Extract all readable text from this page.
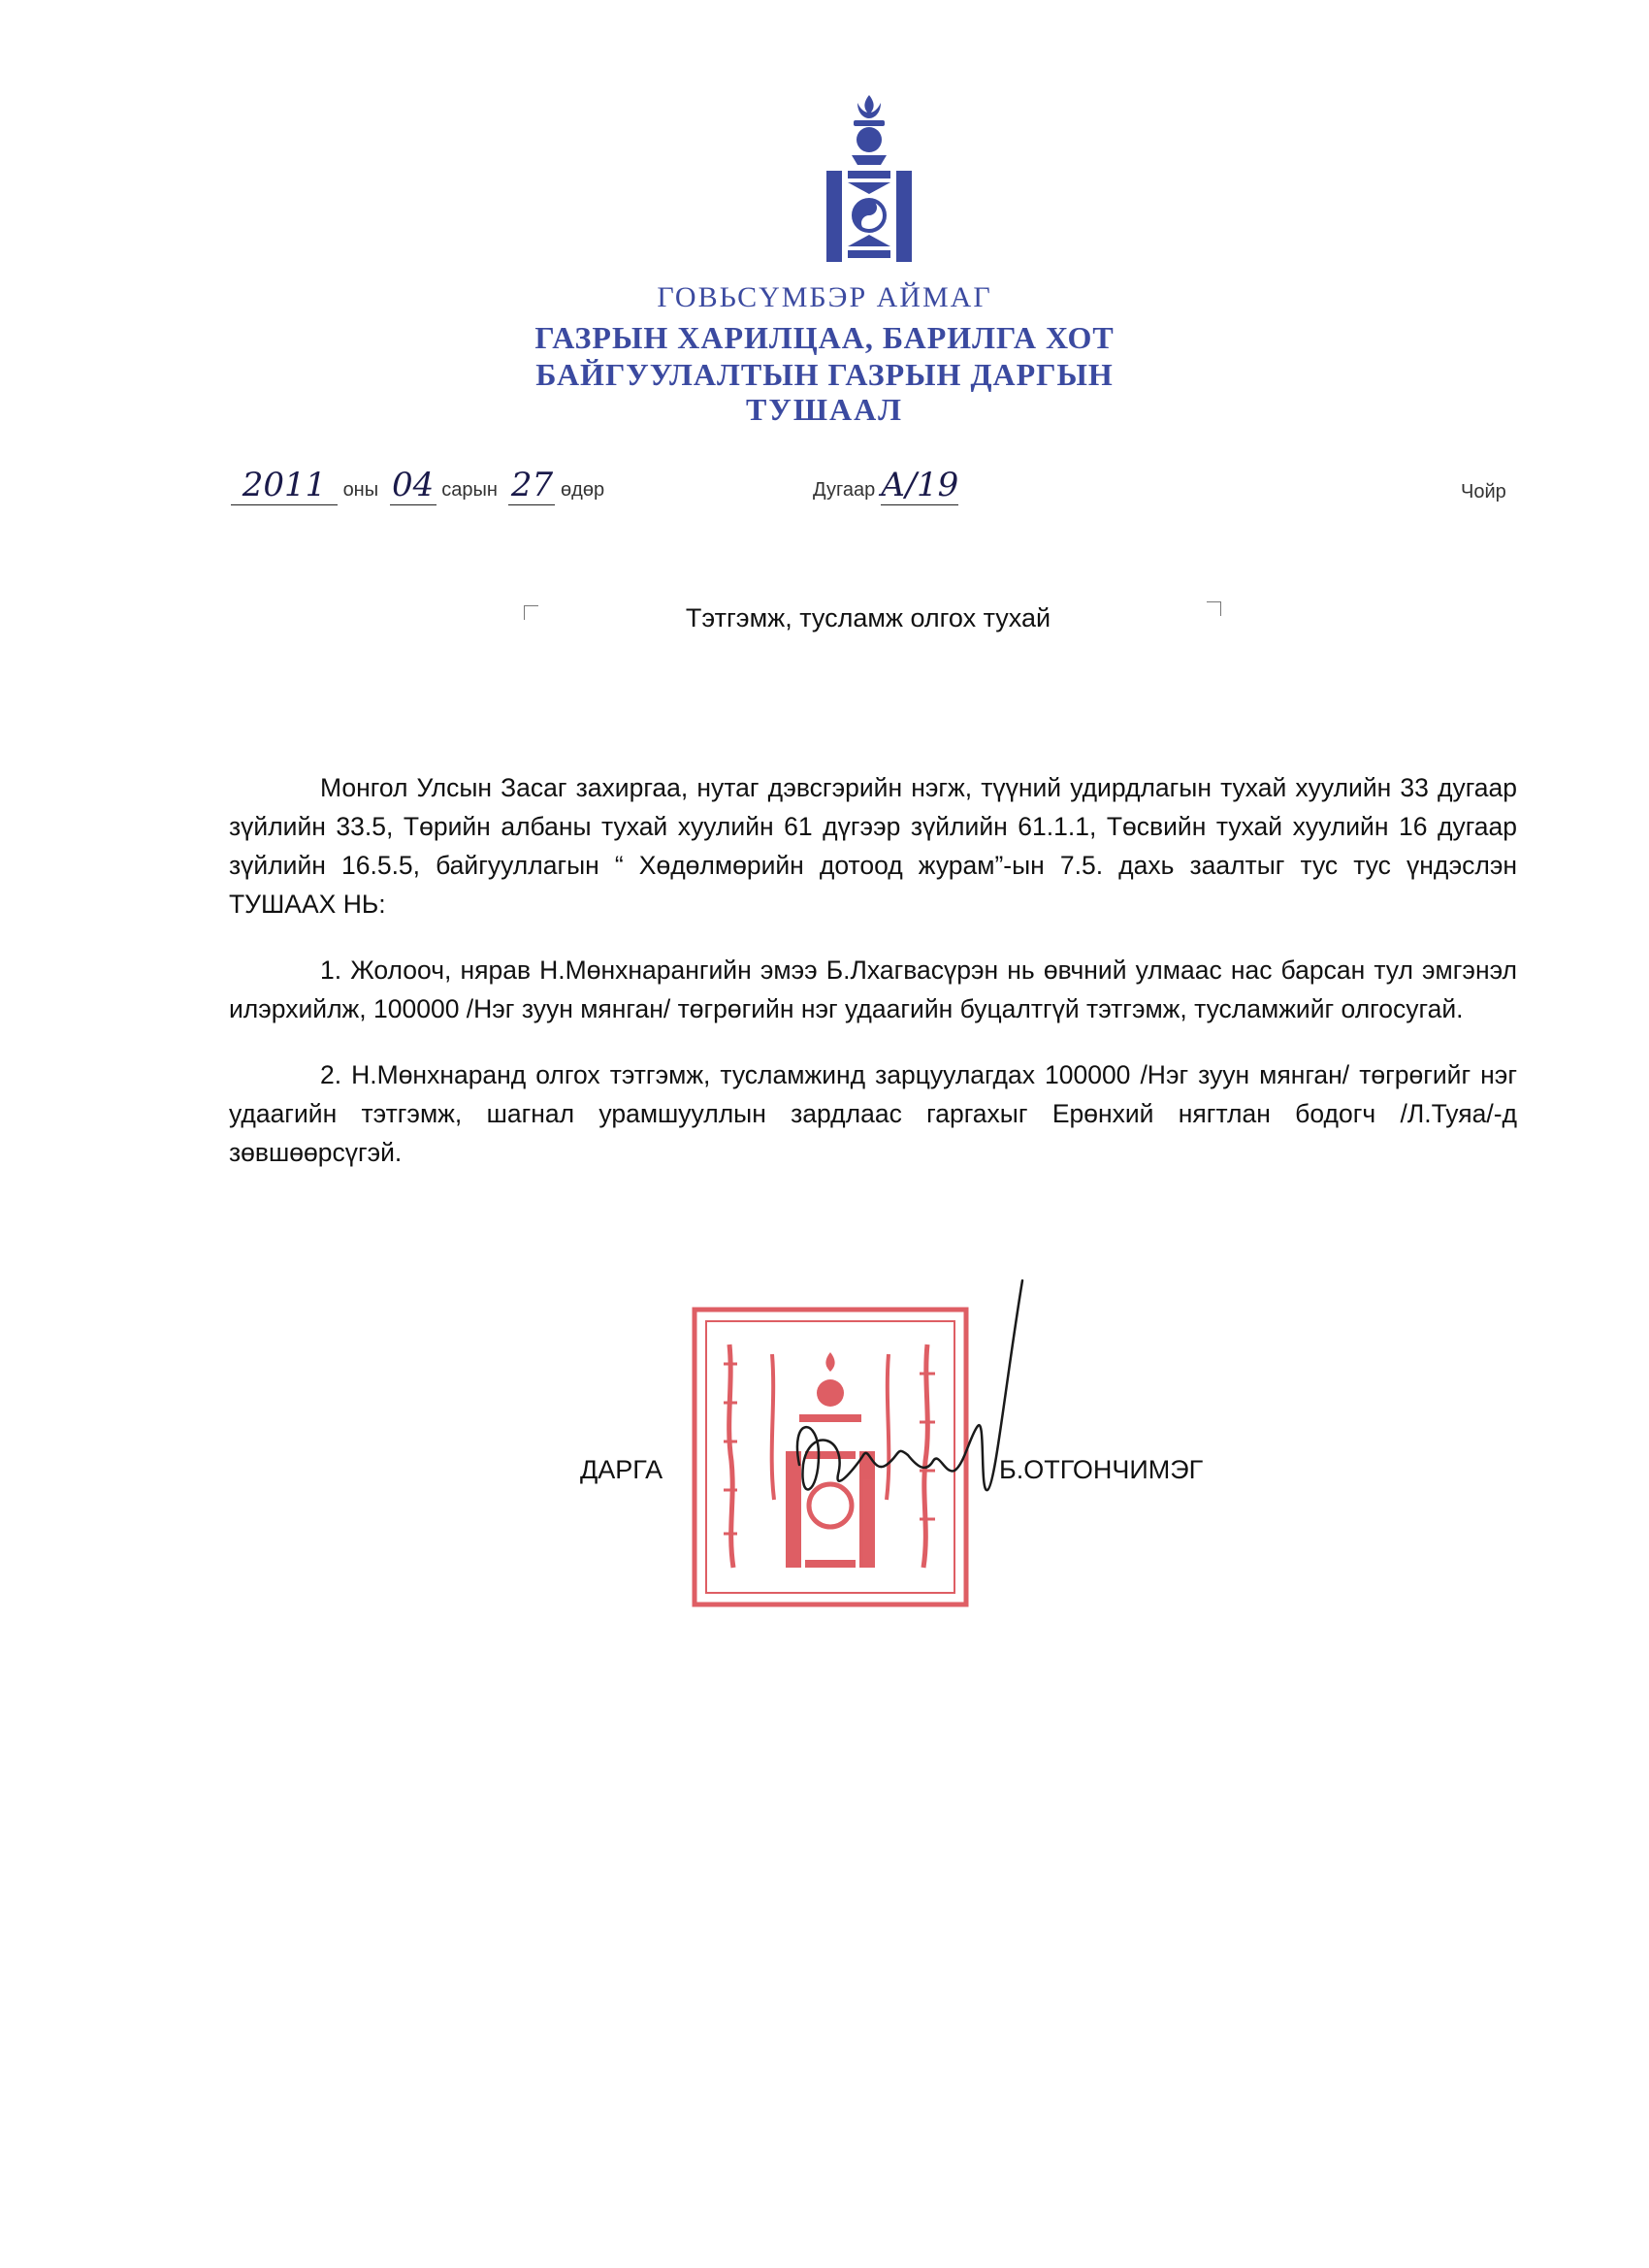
ГОВЬСҮМБЭР АЙМАГ
ГАЗРЫН ХАРИЛЦАА, БАРИЛГА ХОТ
БАЙГУУЛАЛТЫН ГАЗРЫН ДАРГЫН
ТУШААЛ
2011 оны 04 сарын 27 өдөр	Дугаар А/19	Чойр
Тэтгэмж, тусламж олгох тухай

Монгол Улсын Засаг захиргаа, нутаг дэвсгэрийн нэгж, түүний удирдлагын тухай хуулийн 33 дугаар зүйлийн 33.5, Төрийн албаны тухай хуулийн 61 дүгээр зүйлийн 61.1.1, Төсвийн тухай хуулийн 16 дугаар зүйлийн 16.5.5, байгууллагын “ Хөдөлмөрийн дотоод журам”-ын 7.5. дахь заалтыг тус тус үндэслэн ТУШААХ НЬ:

1. Жолооч, нярав Н.Мөнхнарангийн эмээ Б.Лхагвасүрэн нь өвчний улмаас нас барсан тул эмгэнэл илэрхийлж, 100000 /Нэг зуун мянган/ төгрөгийн нэг удаагийн буцалтгүй тэтгэмж, тусламжийг олгосугай.

2. Н.Мөнхнаранд олгох тэтгэмж, тусламжинд зарцуулагдах 100000 /Нэг зуун мянган/ төгрөгийг нэг удаагийн тэтгэмж, шагнал урамшууллын зардлаас гаргахыг Ерөнхий нягтлан бодогч /Л.Туяа/-д зөвшөөрсүгэй.

ДАРГА	Б.ОТГОНЧИМЭГ
